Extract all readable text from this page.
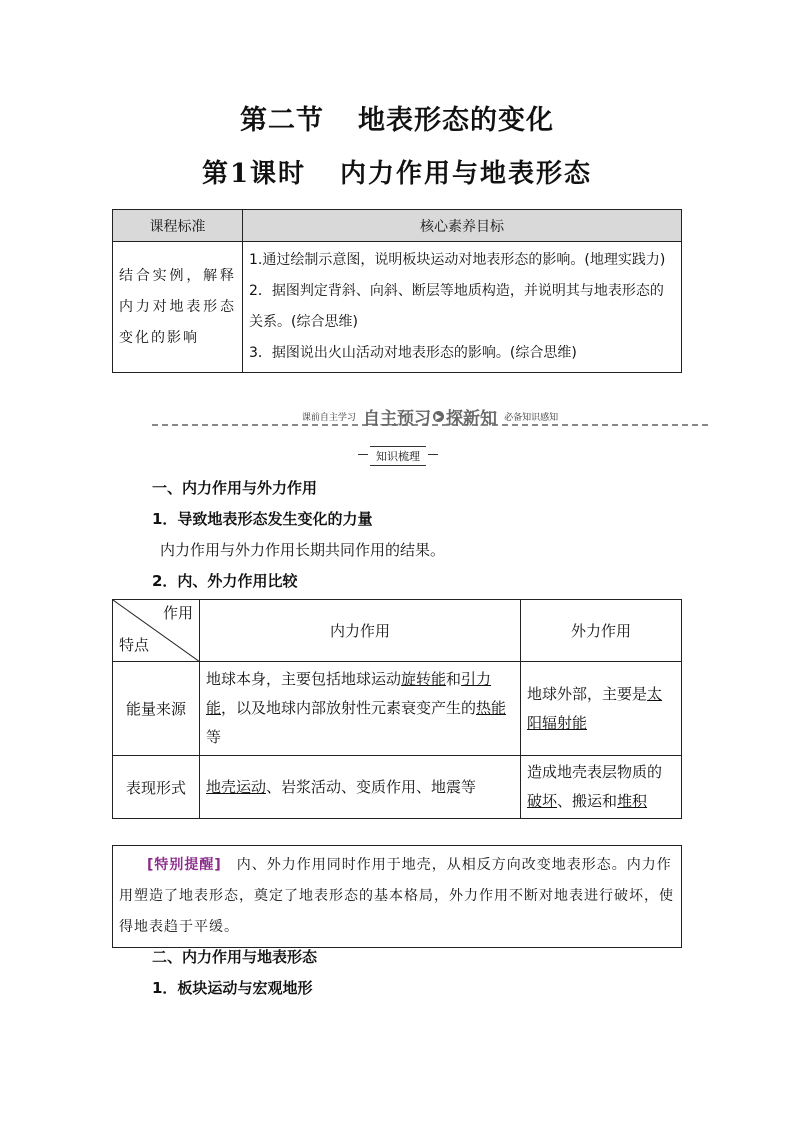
第二节 地表形态的变化
第1课时 内力作用与地表形态
课程标准	核心素养目标
结合实例，解释内力对地表形态变化的影响	1.通过绘制示意图，说明板块运动对地表形态的影响。(地理实践力)
2．据图判定背斜、向斜、断层等地质构造，并说明其与地表形态的关系。(综合思维)
3．据图说出火山活动对地表形态的影响。(综合思维)
课前自主学习 自主预习 ▶ 探新知 必备知识感知
知识梳理
一、内力作用与外力作用
1．导致地表形态发生变化的力量
内力作用与外力作用长期共同作用的结果。
2．内、外力作用比较
作用
特点	内力作用	外力作用
能量来源	地球本身，主要包括地球运动旋转能和引力能，以及地球内部放射性元素衰变产生的热能等	地球外部，主要是太阳辐射能
表现形式	地壳运动、岩浆活动、变质作用、地震等	造成地壳表层物质的破坏、搬运和堆积
[特别提醒]　 内、外力作用同时作用于地壳，从相反方向改变地表形态。内力作用塑造了地表形态，奠定了地表形态的基本格局，外力作用不断对地表进行破坏，使得地表趋于平缓。
二、内力作用与地表形态
1．板块运动与宏观地形
